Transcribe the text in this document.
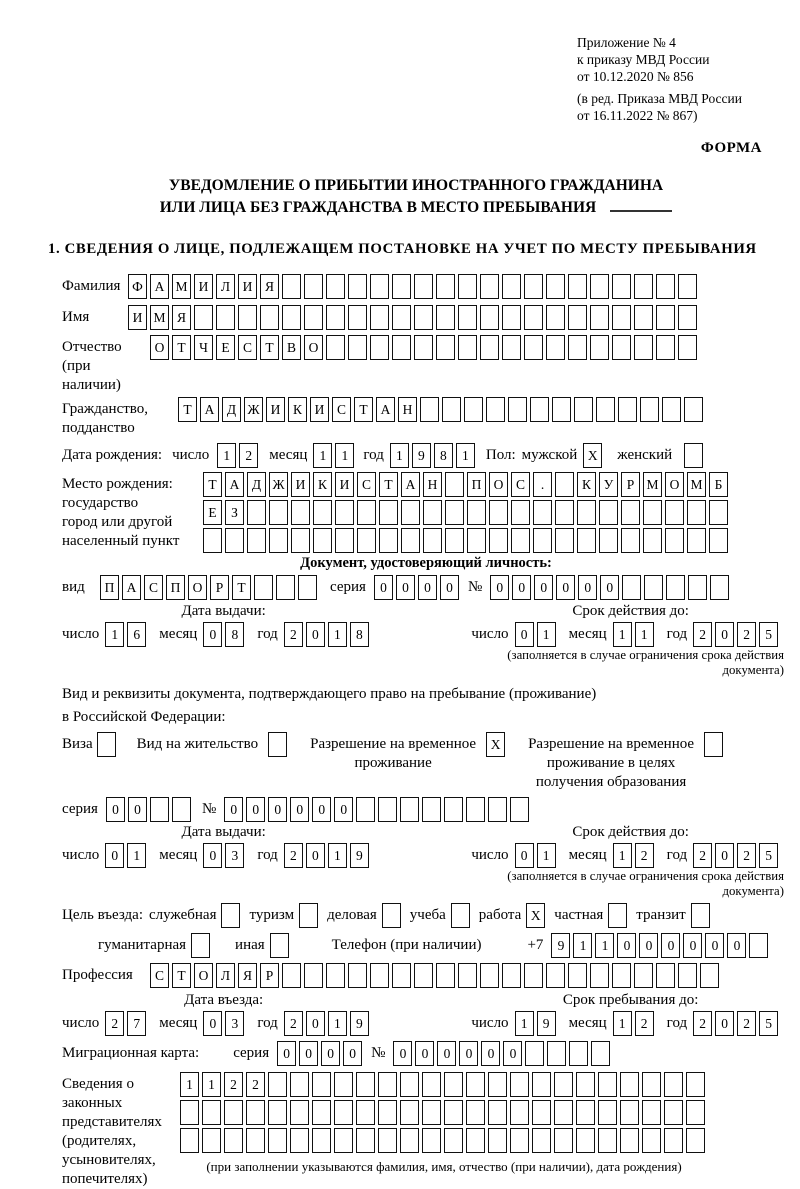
Приложение № 4
к приказу МВД России
от 10.12.2020 № 856
(в ред. Приказа МВД России
от 16.11.2022 № 867)
ФОРМА
УВЕДОМЛЕНИЕ О ПРИБЫТИИ ИНОСТРАННОГО ГРАЖДАНИНА
ИЛИ ЛИЦА БЕЗ ГРАЖДАНСТВА В МЕСТО ПРЕБЫВАНИЯ
1. СВЕДЕНИЯ О ЛИЦЕ, ПОДЛЕЖАЩЕМ ПОСТАНОВКЕ НА УЧЕТ ПО МЕСТУ ПРЕБЫВАНИЯ
Фамилия Ф А М И Л И Я
Имя	И М Я
Отчество
(при наличии)
О Т Ч Е С Т В О
Гражданство,
подданство
Т А Д Ж И К И С Т А Н
Дата рождения: число	1	2	месяц 1	1	год 1	9	8	1	Пол: мужской X	женский
Место рождения:
государство
город или другой
населенный пункт
Т А Д Ж И К И С Т А Н	П О С	.	К У Р М О М Б
Е	З
Документ, удостоверяющий личность:
вид	П А С П О Р	Т	серия	0	0	0	0	№	0	0	0	0	0	0
Дата выдачи:
число 1	6	месяц 0	8	год 2	0	1	8
Срок действия до:
число 0	1	месяц 1	1	год 2	0	2	5
(заполняется в случае ограничения срока действия документа)
Вид и реквизиты документа, подтверждающего право на пребывание (проживание)
в Российской Федерации:
Виза	Вид на жительство	Разрешение на временное
проживание
X	Разрешение на временное
проживание в целях
получения образования
серия	0	0	№	0	0	0	0	0	0
Дата выдачи:
число 0	1	месяц 0	3	год 2	0	1	9
Срок действия до:
число 0	1	месяц 1	2	год 2	0	2	5
(заполняется в случае ограничения срока действия документа)
Цель въезда: служебная туризм деловая учеба работа X частная транзит
гуманитарная	иная	Телефон (при наличии)	+7	9	1	1	0	0	0	0	0	0
Профессия	С Т О Л Я	Р
Дата въезда:
число 2	7	месяц 0	3	год 2	0	1	9
Срок пребывания до:
число 1	9	месяц 1	2	год 2	0	2	5
Миграционная карта: серия	0	0	0	0	№	0	0	0	0	0	0
Сведения о
законных
представителях
(родителях,
усыновителях,
попечителях)
1	1	2	2
(при заполнении указываются фамилия, имя, отчество (при наличии), дата рождения)
